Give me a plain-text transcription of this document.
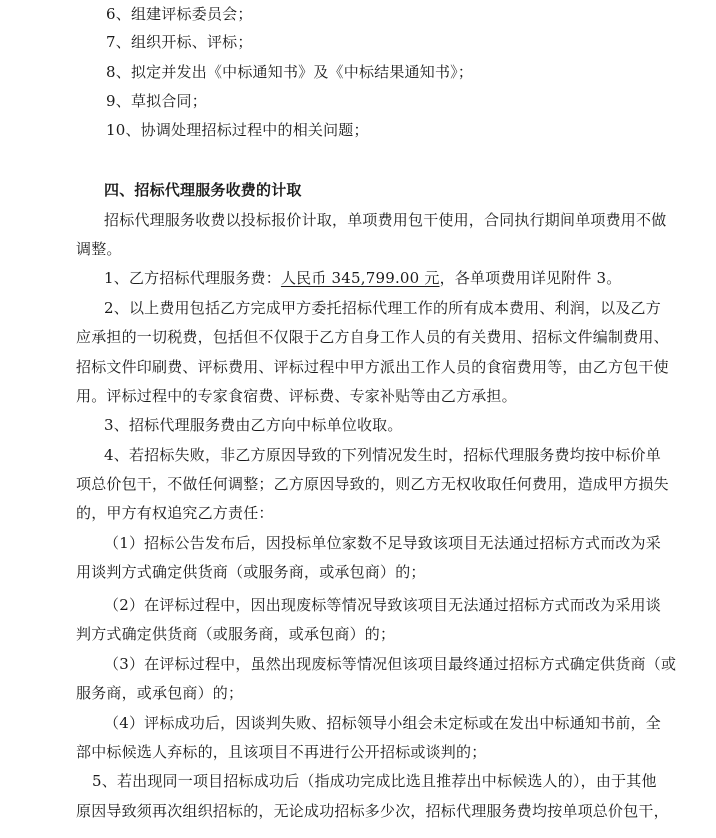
6、组建评标委员会；
7、组织开标、评标；
8、拟定并发出《中标通知书》及《中标结果通知书》；
9、草拟合同；
10、协调处理招标过程中的相关问题；
四、招标代理服务收费的计取
招标代理服务收费以投标报价计取，单项费用包干使用，合同执行期间单项费用不做
调整。
1、乙方招标代理服务费：人民币 345,799.00 元，各单项费用详见附件 3。
2、以上费用包括乙方完成甲方委托招标代理工作的所有成本费用、利润，以及乙方
应承担的一切税费，包括但不仅限于乙方自身工作人员的有关费用、招标文件编制费用、
招标文件印刷费、评标费用、评标过程中甲方派出工作人员的食宿费用等，由乙方包干使
用。评标过程中的专家食宿费、评标费、专家补贴等由乙方承担。
3、招标代理服务费由乙方向中标单位收取。
4、若招标失败，非乙方原因导致的下列情况发生时，招标代理服务费均按中标价单
项总价包干，不做任何调整；乙方原因导致的，则乙方无权收取任何费用，造成甲方损失
的，甲方有权追究乙方责任：
（1）招标公告发布后，因投标单位家数不足导致该项目无法通过招标方式而改为采
用谈判方式确定供货商（或服务商，或承包商）的；
（2）在评标过程中，因出现废标等情况导致该项目无法通过招标方式而改为采用谈
判方式确定供货商（或服务商，或承包商）的；
（3）在评标过程中，虽然出现废标等情况但该项目最终通过招标方式确定供货商（或
服务商，或承包商）的；
（4）评标成功后，因谈判失败、招标领导小组会未定标或在发出中标通知书前，全
部中标候选人弃标的，且该项目不再进行公开招标或谈判的；
5、若出现同一项目招标成功后（指成功完成比选且推荐出中标候选人的），由于其他
原因导致须再次组织招标的，无论成功招标多少次，招标代理服务费均按单项总价包干，
